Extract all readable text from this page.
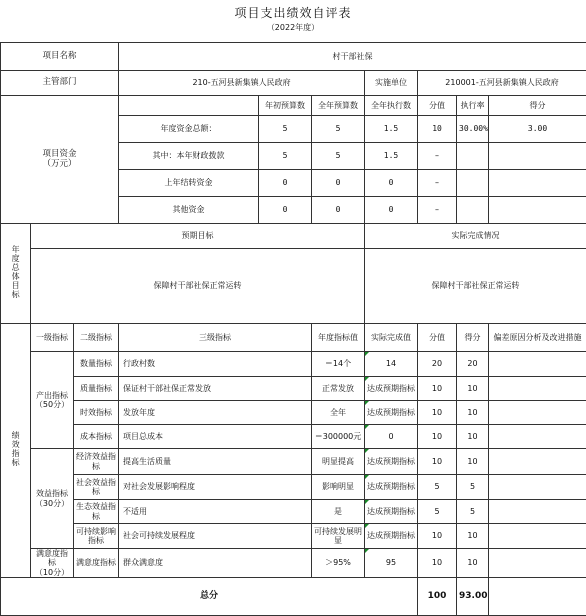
项目支出绩效自评表
（2022年度）
项目名称			村干部社保						
主管部门			210-五河县新集镇人民政府			实施单位	210001-五河县新集镇人民政府		
项目资金
（万元）				年初预算数	全年预算数	全年执行数	分值	执行率	得分
			年度资金总额：	5	5	1.5	10	30.00%	3.00
			其中：本年财政拨款	5	5	1.5	–		
			上年结转资金	0	0	0	–		
			其他资金	0	0	0	–		
年度总体目标	预期目标					实际完成情况			
	保障村干部社保正常运转					保障村干部社保正常运转			
绩效指标	一级指标	二级指标	三级指标		年度指标值	实际完成值	分值	得分	偏差原因分析及改进措施
	产出指标
（50分）	数量指标	行政村数		＝14个	14	20	20	
		质量指标	保证村干部社保正常发放		正常发放	达成预期指标	10	10	
		时效指标	发放年度		全年	达成预期指标	10	10	
		成本指标	项目总成本		＝300000元	0	10	10	
	效益指标
（30分）	经济效益指标	提高生活质量		明显提高	达成预期指标	10	10	
		社会效益指标	对社会发展影响程度		影响明显	达成预期指标	5	5	
		生态效益指标	不适用		是	达成预期指标	5	5	
		可持续影响指标	社会可持续发展程度		可持续发展明显	达成预期指标	10	10	
	满意度指标
（10分）	满意度指标	群众满意度		＞95%	95	10	10	
总分							100	93.00	
